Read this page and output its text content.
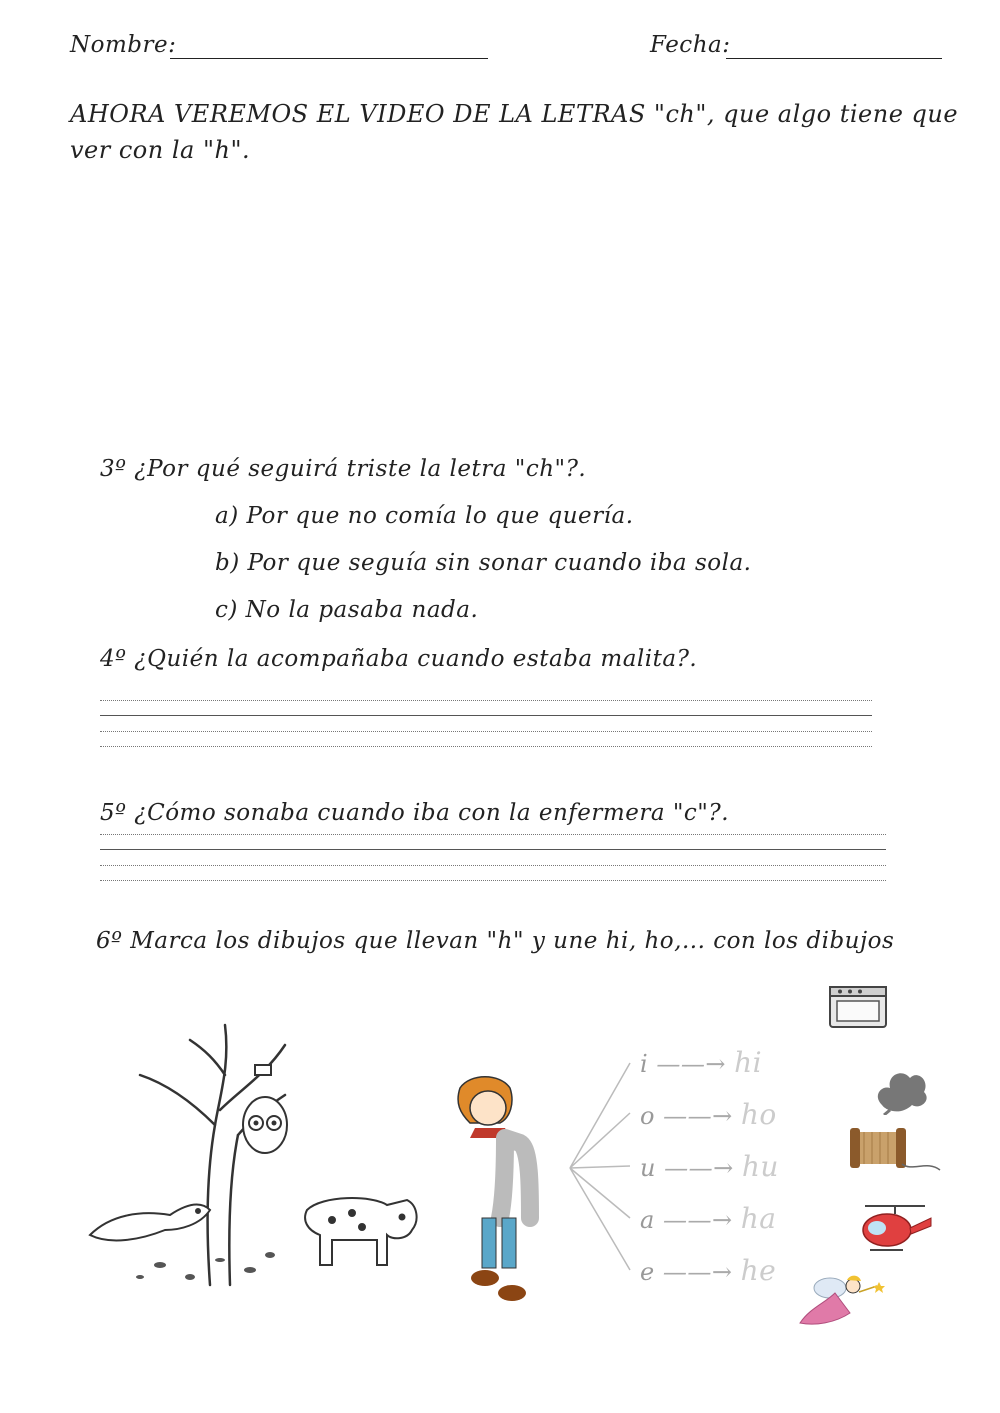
Nombre:	Fecha:
AHORA VEREMOS EL VIDEO DE LA LETRAS "ch", que algo tiene que
ver con la "h".
3º ¿Por qué seguirá triste la letra "ch"?.
a) Por que no comía lo que quería.
b) Por que seguía sin sonar cuando iba sola.
c) No la pasaba nada.
4º ¿Quién la acompañaba cuando estaba malita?.
5º ¿Cómo sonaba cuando iba con la enfermera "c"?.
6º Marca los dibujos que llevan "h" y une hi, ho,... con los dibujos
i ——→ hi
o ——→ ho
u ——→ hu
a ——→ ha
e ——→ he
